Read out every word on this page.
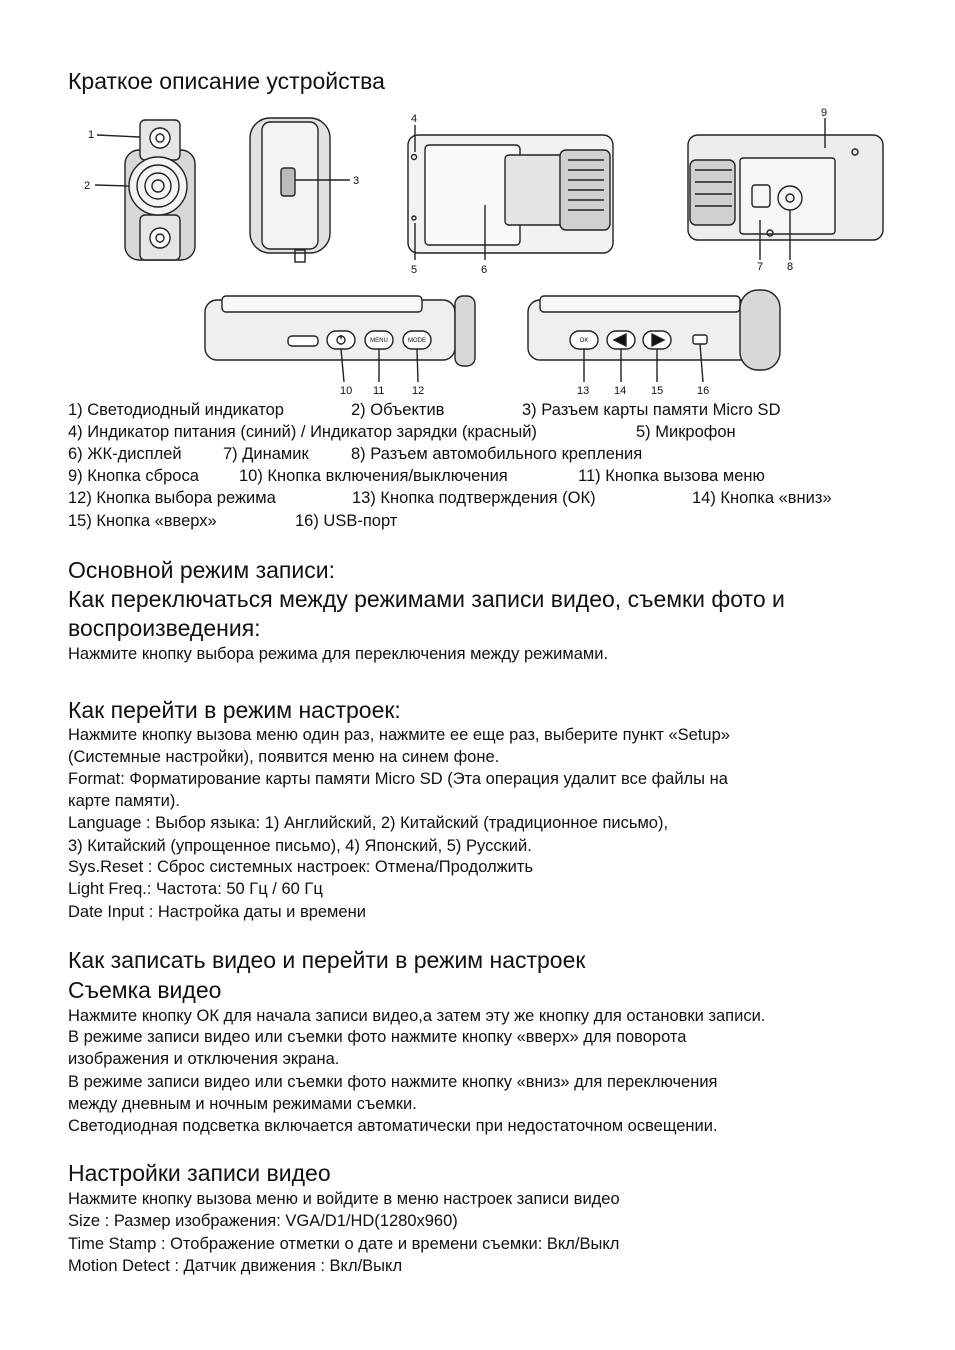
Краткое описание устройства
MENU	MODE	OK
1
2	3
4
5	6	7 8
9
10 11	12	13 14 15	16
1) Светодиодный индикатор	2) Объектив	3) Разъем карты памяти Micro SD
4) Индикатор питания (синий) / Индикатор зарядки (красный)	5) Микрофон
6) ЖК-дисплей	7) Динамик	8) Разъем автомобильного крепления
9) Кнопка сброса 10) Кнопка включения/выключения	11) Кнопка вызова меню
12) Кнопка выбора режима	13) Кнопка подтверждения (ОК)	14) Кнопка «вниз»
15) Кнопка «вверх»	16) USB-порт
Основной режим записи:
Как переключаться между режимами записи видео, съемки фото и
воспроизведения:
Нажмите кнопку выбора режима для переключения между режимами.
Как перейти в режим настроек:
Нажмите кнопку вызова меню один раз, нажмите ее еще раз, выберите пункт «Setup»
(Системные настройки), появится меню на синем фоне.
Format: Форматирование карты памяти Micro SD (Эта операция удалит все файлы на
карте памяти).
Language : Выбор языка: 1) Английский, 2) Китайский (традиционное письмо),
3) Китайский (упрощенное письмо), 4) Японский, 5) Русский.
Sys.Reset : Сброс системных настроек: Отмена/Продолжить
Light Freq.: Частота: 50 Гц / 60 Гц
Date Input : Настройка даты и времени
Как записать видео и перейти в режим настроек
Съемка видео
Нажмите кнопку ОК для начала записи видео,а затем эту же кнопку для остановки записи.
В режиме записи видео или съемки фото нажмите кнопку «вверх» для поворота
изображения и отключения экрана.
В режиме записи видео или съемки фото нажмите кнопку «вниз» для переключения
между дневным и ночным режимами съемки.
Светодиодная подсветка включается автоматически при недостаточном освещении.
Настройки записи видео
Нажмите кнопку вызова меню и войдите в меню настроек записи видео
Size : Размер изображения: VGA/D1/HD(1280x960)
Time Stamp : Отображение отметки о дате и времени съемки: Вкл/Выкл
Motion Detect : Датчик движения : Вкл/Выкл
